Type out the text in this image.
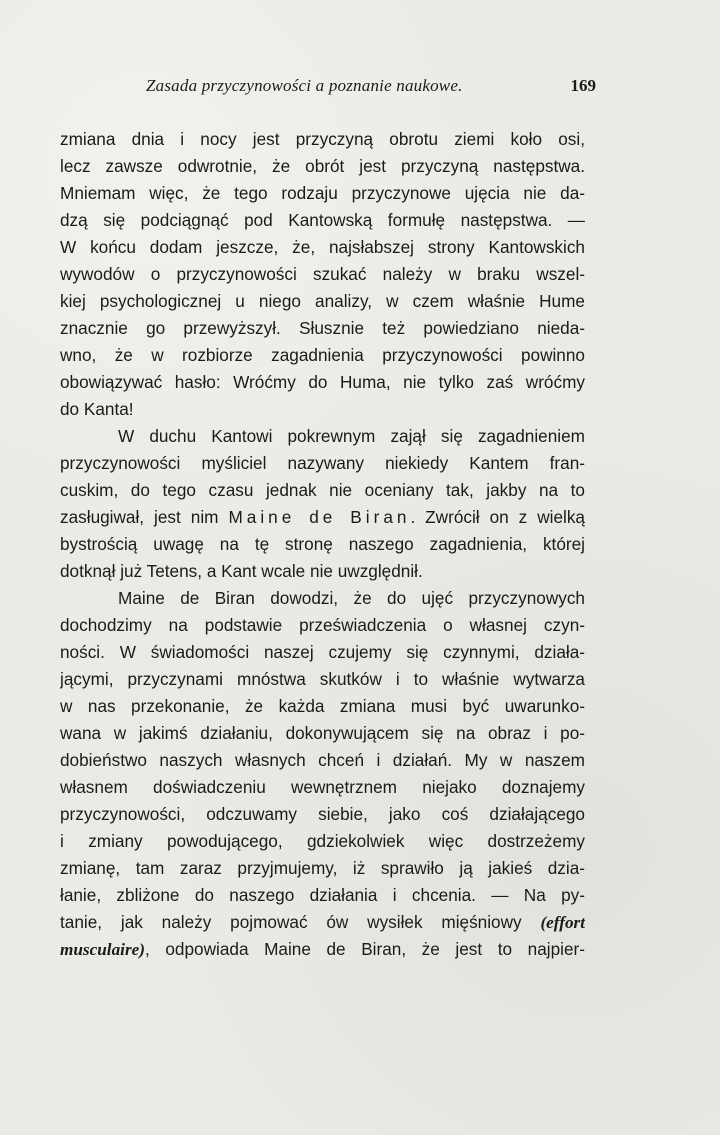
Zasada przyczynowości a poznanie naukowe.	169
zmiana dnia i nocy jest przyczyną obrotu ziemi koło osi,
lecz zawsze odwrotnie, że obrót jest przyczyną następstwa.
Mniemam więc, że tego rodzaju przyczynowe ujęcia nie da-
dzą się podciągnąć pod Kantowską formułę następstwa. —
W końcu dodam jeszcze, że, najsłabszej strony Kantowskich
wywodów o przyczynowości szukać należy w braku wszel-
kiej psychologicznej u niego analizy, w czem właśnie Hume
znacznie go przewyższył. Słusznie też powiedziano nieda-
wno, że w rozbiorze zagadnienia przyczynowości powinno
obowiązywać hasło: Wróćmy do Huma, nie tylko zaś wróćmy
do Kanta!
W duchu Kantowi pokrewnym zajął się zagadnieniem
przyczynowości myśliciel nazywany niekiedy Kantem fran-
cuskim, do tego czasu jednak nie oceniany tak, jakby na to
zasługiwał, jest nim Maine de Biran. Zwrócił on z wielką
bystrością uwagę na tę stronę naszego zagadnienia, której
dotknął już Tetens, a Kant wcale nie uwzględnił.
Maine de Biran dowodzi, że do ujęć przyczynowych
dochodzimy na podstawie przeświadczenia o własnej czyn-
ności. W świadomości naszej czujemy się czynnymi, działa-
jącymi, przyczynami mnóstwa skutków i to właśnie wytwarza
w nas przekonanie, że każda zmiana musi być uwarunko-
wana w jakimś działaniu, dokonywującem się na obraz i po-
dobieństwo naszych własnych chceń i działań. My w naszem
własnem doświadczeniu wewnętrznem niejako doznajemy
przyczynowości, odczuwamy siebie, jako coś działającego
i zmiany powodującego, gdziekolwiek więc dostrzeżemy
zmianę, tam zaraz przyjmujemy, iż sprawiło ją jakieś dzia-
łanie, zbliżone do naszego działania i chcenia. — Na py-
tanie, jak należy pojmować ów wysiłek mięśniowy (effort
musculaire), odpowiada Maine de Biran, że jest to najpier-
